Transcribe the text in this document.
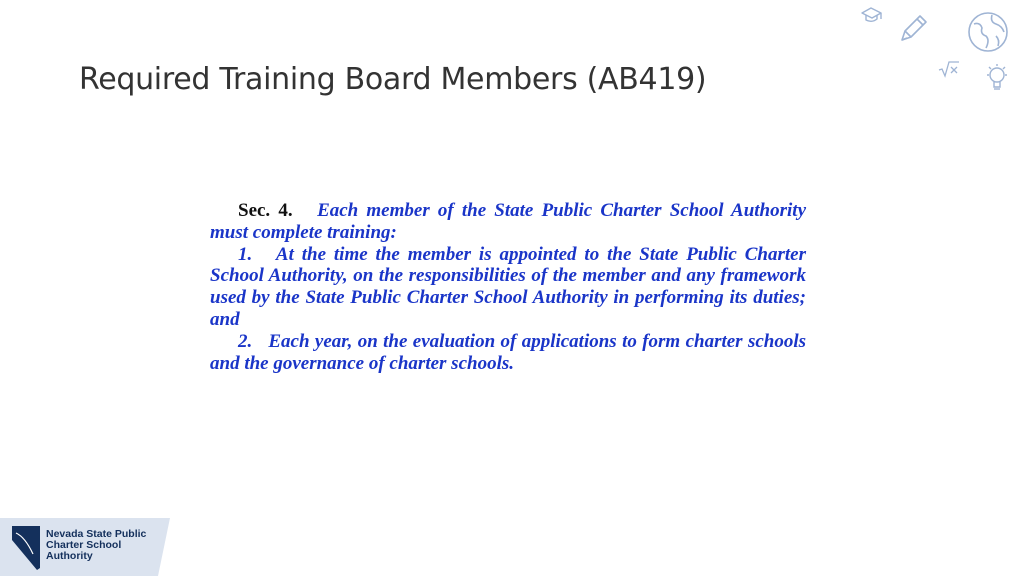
Required Training Board Members (AB419)

Sec. 4. Each member of the State Public Charter School Authority must complete training:

1. At the time the member is appointed to the State Public Charter School Authority, on the responsibilities of the member and any framework used by the State Public Charter School Authority in performing its duties; and

2. Each year, on the evaluation of applications to form charter schools and the governance of charter schools.

Nevada State Public
Charter School
Authority
